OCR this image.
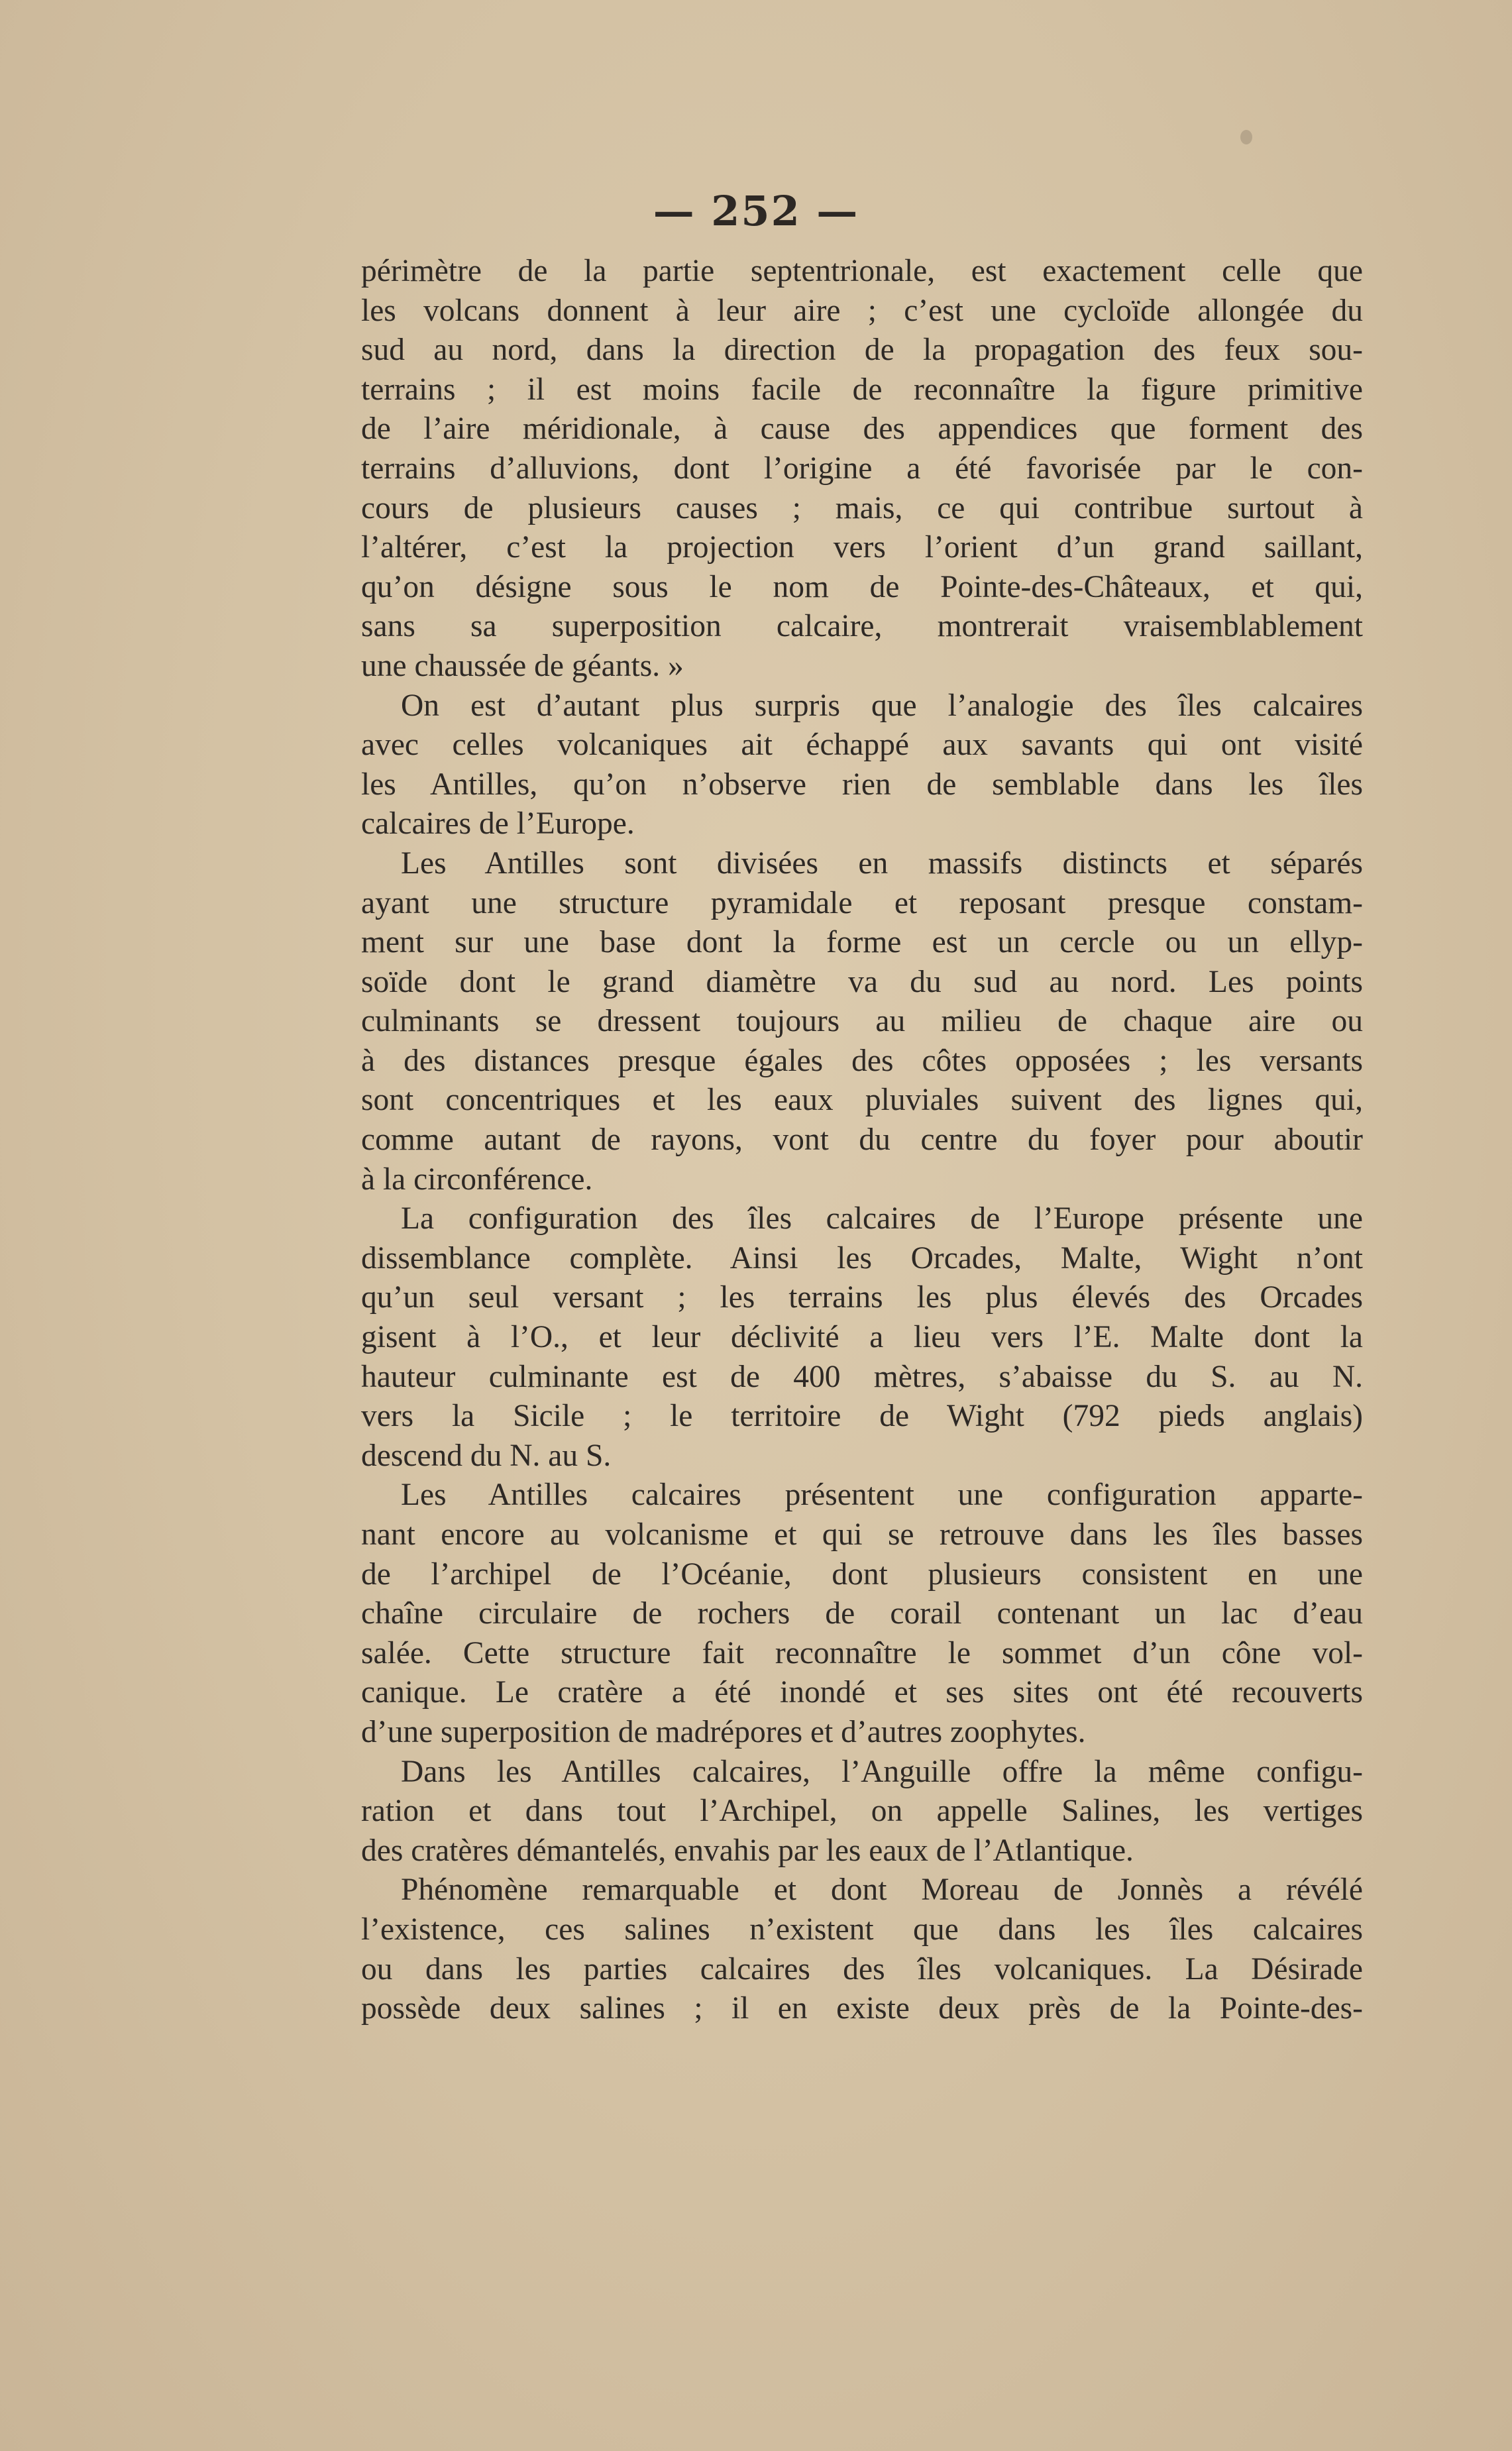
— 252 —
périmètre de la partie septentrionale, est exactement celle que
les volcans donnent à leur aire ; c’est une cycloïde allongée du
sud au nord, dans la direction de la propagation des feux sou-
terrains ; il est moins facile de reconnaître la figure primitive
de l’aire méridionale, à cause des appendices que forment des
terrains d’alluvions, dont l’origine a été favorisée par le con-
cours de plusieurs causes ; mais, ce qui contribue surtout à
l’altérer, c’est la projection vers l’orient d’un grand saillant,
qu’on désigne sous le nom de Pointe-des-Châteaux, et qui,
sans sa superposition calcaire, montrerait vraisemblablement
une chaussée de géants. »
On est d’autant plus surpris que l’analogie des îles calcaires
avec celles volcaniques ait échappé aux savants qui ont visité
les Antilles, qu’on n’observe rien de semblable dans les îles
calcaires de l’Europe.
Les Antilles sont divisées en massifs distincts et séparés
ayant une structure pyramidale et reposant presque constam-
ment sur une base dont la forme est un cercle ou un ellyp-
soïde dont le grand diamètre va du sud au nord. Les points
culminants se dressent toujours au milieu de chaque aire ou
à des distances presque égales des côtes opposées ; les versants
sont concentriques et les eaux pluviales suivent des lignes qui,
comme autant de rayons, vont du centre du foyer pour aboutir
à la circonférence.
La configuration des îles calcaires de l’Europe présente une
dissemblance complète. Ainsi les Orcades, Malte, Wight n’ont
qu’un seul versant ; les terrains les plus élevés des Orcades
gisent à l’O., et leur déclivité a lieu vers l’E. Malte dont la
hauteur culminante est de 400 mètres, s’abaisse du S. au N.
vers la Sicile ; le territoire de Wight (792 pieds anglais)
descend du N. au S.
Les Antilles calcaires présentent une configuration apparte-
nant encore au volcanisme et qui se retrouve dans les îles basses
de l’archipel de l’Océanie, dont plusieurs consistent en une
chaîne circulaire de rochers de corail contenant un lac d’eau
salée. Cette structure fait reconnaître le sommet d’un cône vol-
canique. Le cratère a été inondé et ses sites ont été recouverts
d’une superposition de madrépores et d’autres zoophytes.
Dans les Antilles calcaires, l’Anguille offre la même configu-
ration et dans tout l’Archipel, on appelle Salines, les vertiges
des cratères démantelés, envahis par les eaux de l’Atlantique.
Phénomène remarquable et dont Moreau de Jonnès a révélé
l’existence, ces salines n’existent que dans les îles calcaires
ou dans les parties calcaires des îles volcaniques. La Désirade
possède deux salines ; il en existe deux près de la Pointe-des-
